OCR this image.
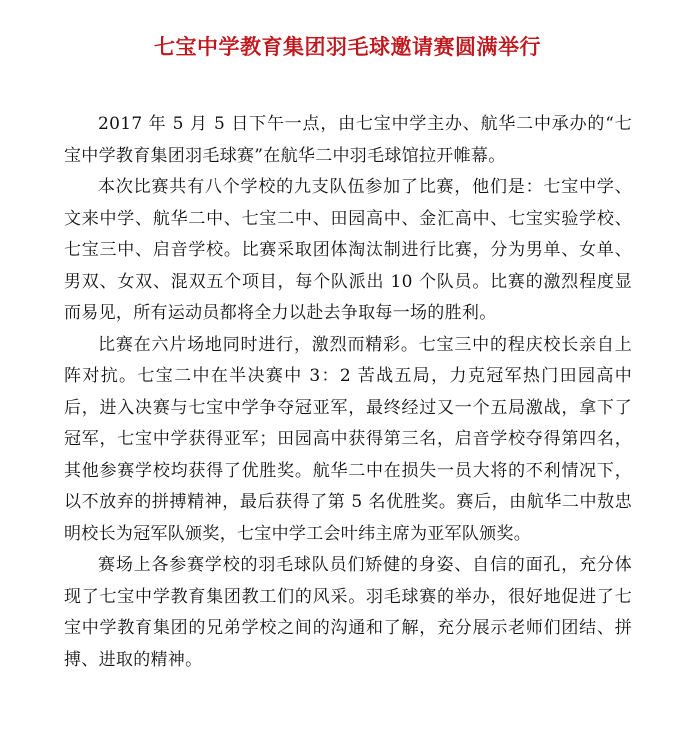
七宝中学教育集团羽毛球邀请赛圆满举行

2017 年 5 月 5 日下午一点，由七宝中学主办、航华二中承办的“七宝中学教育集团羽毛球赛”在航华二中羽毛球馆拉开帷幕。

本次比赛共有八个学校的九支队伍参加了比赛，他们是：七宝中学、文来中学、航华二中、七宝二中、田园高中、金汇高中、七宝实验学校、七宝三中、启音学校。比赛采取团体淘汰制进行比赛，分为男单、女单、男双、女双、混双五个项目，每个队派出 10 个队员。比赛的激烈程度显而易见，所有运动员都将全力以赴去争取每一场的胜利。

比赛在六片场地同时进行，激烈而精彩。七宝三中的程庆校长亲自上阵对抗。七宝二中在半决赛中 3：2 苦战五局，力克冠军热门田园高中后，进入决赛与七宝中学争夺冠亚军，最终经过又一个五局激战，拿下了冠军，七宝中学获得亚军；田园高中获得第三名，启音学校夺得第四名，其他参赛学校均获得了优胜奖。航华二中在损失一员大将的不利情况下，以不放弃的拼搏精神，最后获得了第 5 名优胜奖。赛后，由航华二中敖忠明校长为冠军队颁奖，七宝中学工会叶纬主席为亚军队颁奖。

赛场上各参赛学校的羽毛球队员们矫健的身姿、自信的面孔，充分体现了七宝中学教育集团教工们的风采。羽毛球赛的举办，很好地促进了七宝中学教育集团的兄弟学校之间的沟通和了解，充分展示老师们团结、拼搏、进取的精神。
